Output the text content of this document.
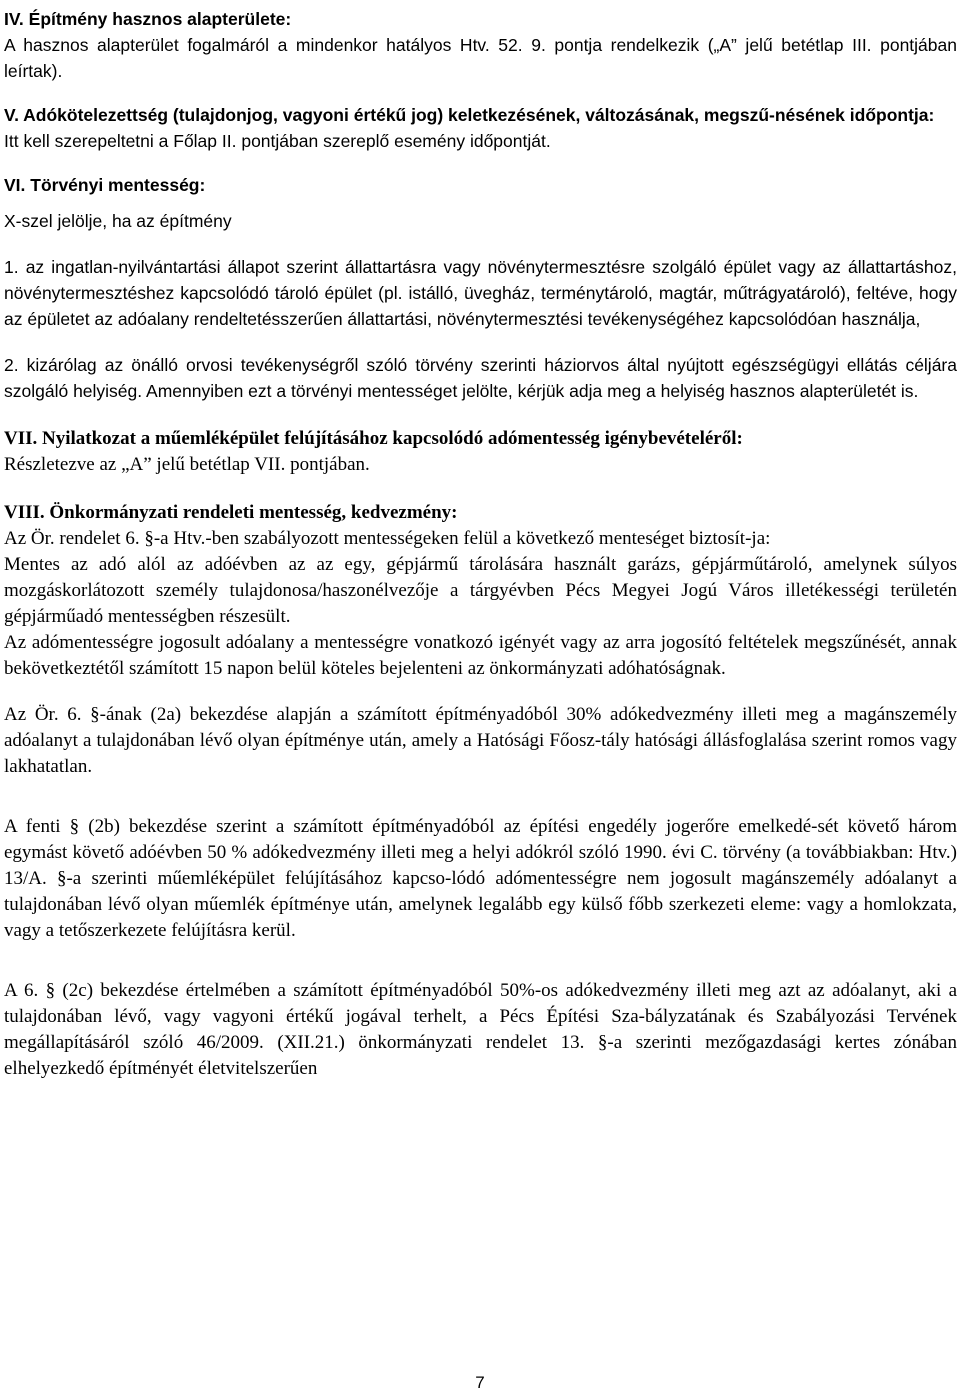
IV. Építmény hasznos alapterülete:

A hasznos alapterület fogalmáról a mindenkor hatályos Htv. 52. 9. pontja rendelkezik („A” jelű betétlap III. pontjában leírtak).

V. Adókötelezettség (tulajdonjog, vagyoni értékű jog) keletkezésének, változásának, megszű-nésének időpontja:

Itt kell szerepeltetni a Főlap II. pontjában szereplő esemény időpontját.

VI. Törvényi mentesség:

X-szel jelölje, ha az építmény

1. az ingatlan-nyilvántartási állapot szerint állattartásra vagy növénytermesztésre szolgáló épület vagy az állattartáshoz, növénytermesztéshez kapcsolódó tároló épület (pl. istálló, üvegház, terménytároló, magtár, műtrágyatároló), feltéve, hogy az épületet az adóalany rendeltetésszerűen állattartási, növénytermesztési tevékenységéhez kapcsolódóan használja,

2. kizárólag az önálló orvosi tevékenységről szóló törvény szerinti háziorvos által nyújtott egészségügyi ellátás céljára szolgáló helyiség. Amennyiben ezt a törvényi mentességet jelölte, kérjük adja meg a helyiség hasznos alapterületét is.

VII. Nyilatkozat a műemléképület felújításához kapcsolódó adómentesség igénybevételéről:

Részletezve az „A” jelű betétlap VII. pontjában.

VIII. Önkormányzati rendeleti mentesség, kedvezmény:

Az Ör. rendelet 6. §-a Htv.-ben szabályozott mentességeken felül a következő menteséget biztosít-ja:

Mentes az adó alól az adóévben az az egy, gépjármű tárolására használt garázs, gépjárműtároló, amelynek súlyos mozgáskorlátozott személy tulajdonosa/haszonélvezője a tárgyévben Pécs Megyei Jogú Város illetékességi területén gépjárműadó mentességben részesült.

Az adómentességre jogosult adóalany a mentességre vonatkozó igényét vagy az arra jogosító feltételek megszűnését, annak bekövetkeztétől számított 15 napon belül köteles bejelenteni az önkormányzati adóhatóságnak.

Az Ör. 6. §-ának (2a) bekezdése alapján a számított építményadóból 30% adókedvezmény illeti meg a magánszemély adóalanyt a tulajdonában lévő olyan építménye után, amely a Hatósági Főosz-tály hatósági állásfoglalása szerint romos vagy lakhatatlan.

A fenti § (2b) bekezdése szerint a számított építményadóból az építési engedély jogerőre emelkedé-sét követő három egymást követő adóévben 50 % adókedvezmény illeti meg a helyi adókról szóló 1990. évi C. törvény (a továbbiakban: Htv.) 13/A. §-a szerinti műemléképület felújításához kapcso-lódó adómentességre nem jogosult magánszemély adóalanyt a tulajdonában lévő olyan műemlék építménye után, amelynek legalább egy külső főbb szerkezeti eleme: vagy a homlokzata, vagy a tetőszerkezete felújításra kerül.

A 6. § (2c) bekezdése értelmében a számított építményadóból 50%-os adókedvezmény illeti meg azt az adóalanyt, aki a tulajdonában lévő, vagy vagyoni értékű jogával terhelt, a Pécs Építési Sza-bályzatának és Szabályozási Tervének megállapításáról szóló 46/2009. (XII.21.) önkormányzati rendelet 13. §-a szerinti mezőgazdasági kertes zónában elhelyezkedő építményét életvitelszerűen

7
